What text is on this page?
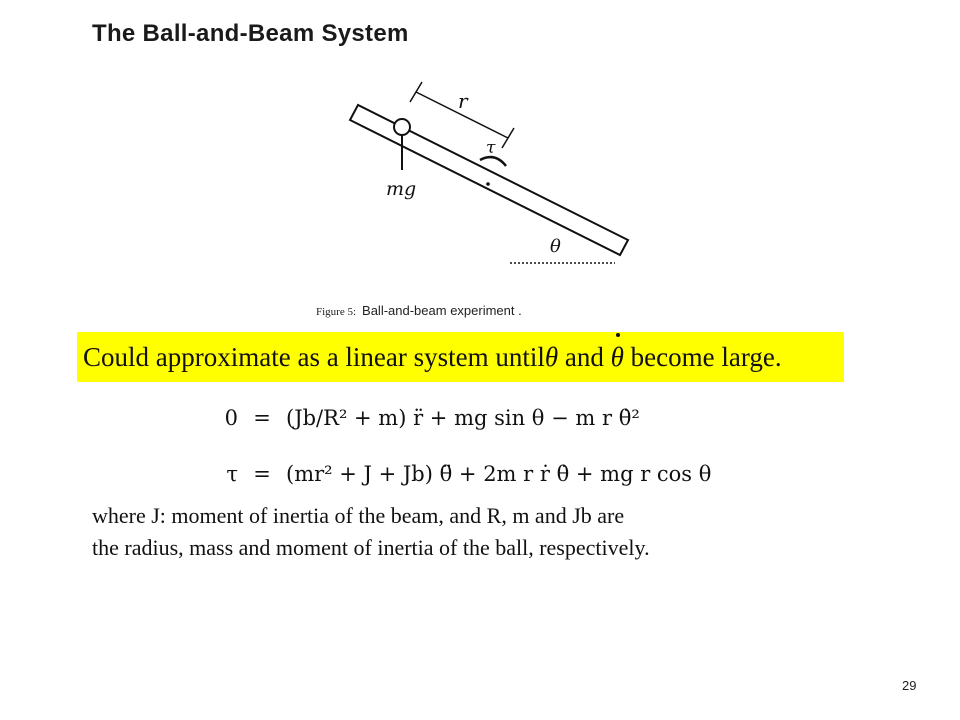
The Ball-and-Beam System
r
τ
mg
θ
Figure 5: Ball-and-beam experiment .
Could approximate as a linear system untilθ and θ become large.
0 = (Jb/R² + m) r̈ + mg sin θ − m r θ̇²
τ = (mr² + J + Jb) θ̈ + 2m r ṙ θ̇ + mg r cos θ
where J: moment of inertia of the beam, and R, m and Jb are
the radius, mass and moment of inertia of the ball, respectively.
29
